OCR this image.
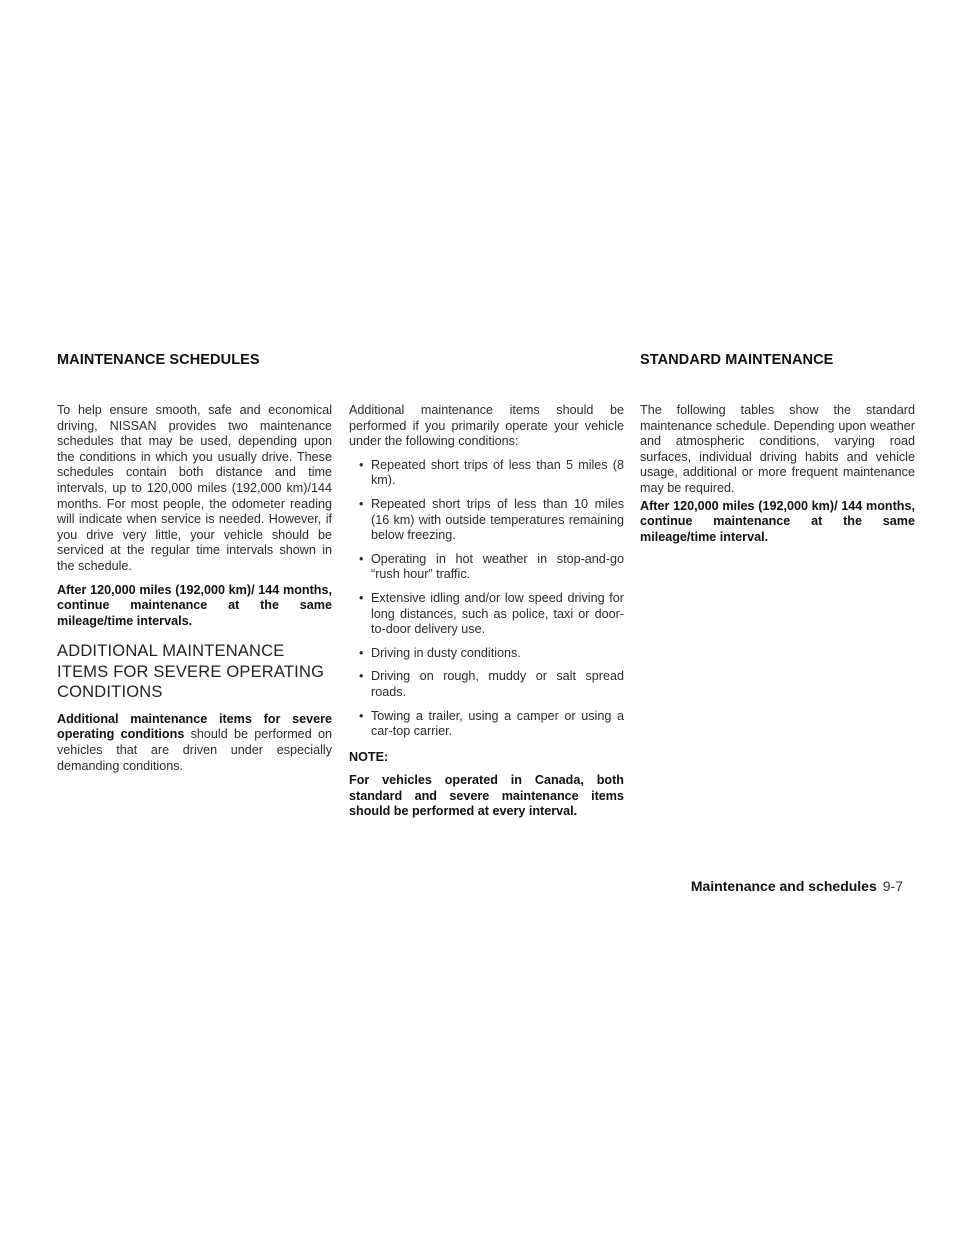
MAINTENANCE SCHEDULES	STANDARD MAINTENANCE

To help ensure smooth, safe and economical driving, NISSAN provides two maintenance schedules that may be used, depending upon the conditions in which you usually drive. These schedules contain both distance and time intervals, up to 120,000 miles (192,000 km)/144 months. For most people, the odometer reading will indicate when service is needed. However, if you drive very little, your vehicle should be serviced at the regular time intervals shown in the schedule.

After 120,000 miles (192,000 km)/ 144 months, continue maintenance at the same mileage/time intervals.

ADDITIONAL MAINTENANCE ITEMS FOR SEVERE OPERATING CONDITIONS

Additional maintenance items for severe operating conditions should be performed on vehicles that are driven under especially demanding conditions.

Additional maintenance items should be performed if you primarily operate your vehicle under the following conditions:

• Repeated short trips of less than 5 miles (8 km).
• Repeated short trips of less than 10 miles (16 km) with outside temperatures remaining below freezing.
• Operating in hot weather in stop-and-go “rush hour” traffic.
• Extensive idling and/or low speed driving for long distances, such as police, taxi or door-to-door delivery use.
• Driving in dusty conditions.
• Driving on rough, muddy or salt spread roads.
• Towing a trailer, using a camper or using a car-top carrier.

NOTE:

For vehicles operated in Canada, both standard and severe maintenance items should be performed at every interval.

The following tables show the standard maintenance schedule. Depending upon weather and atmospheric conditions, varying road surfaces, individual driving habits and vehicle usage, additional or more frequent maintenance may be required.

After 120,000 miles (192,000 km)/ 144 months, continue maintenance at the same mileage/time interval.

Maintenance and schedules 9-7
